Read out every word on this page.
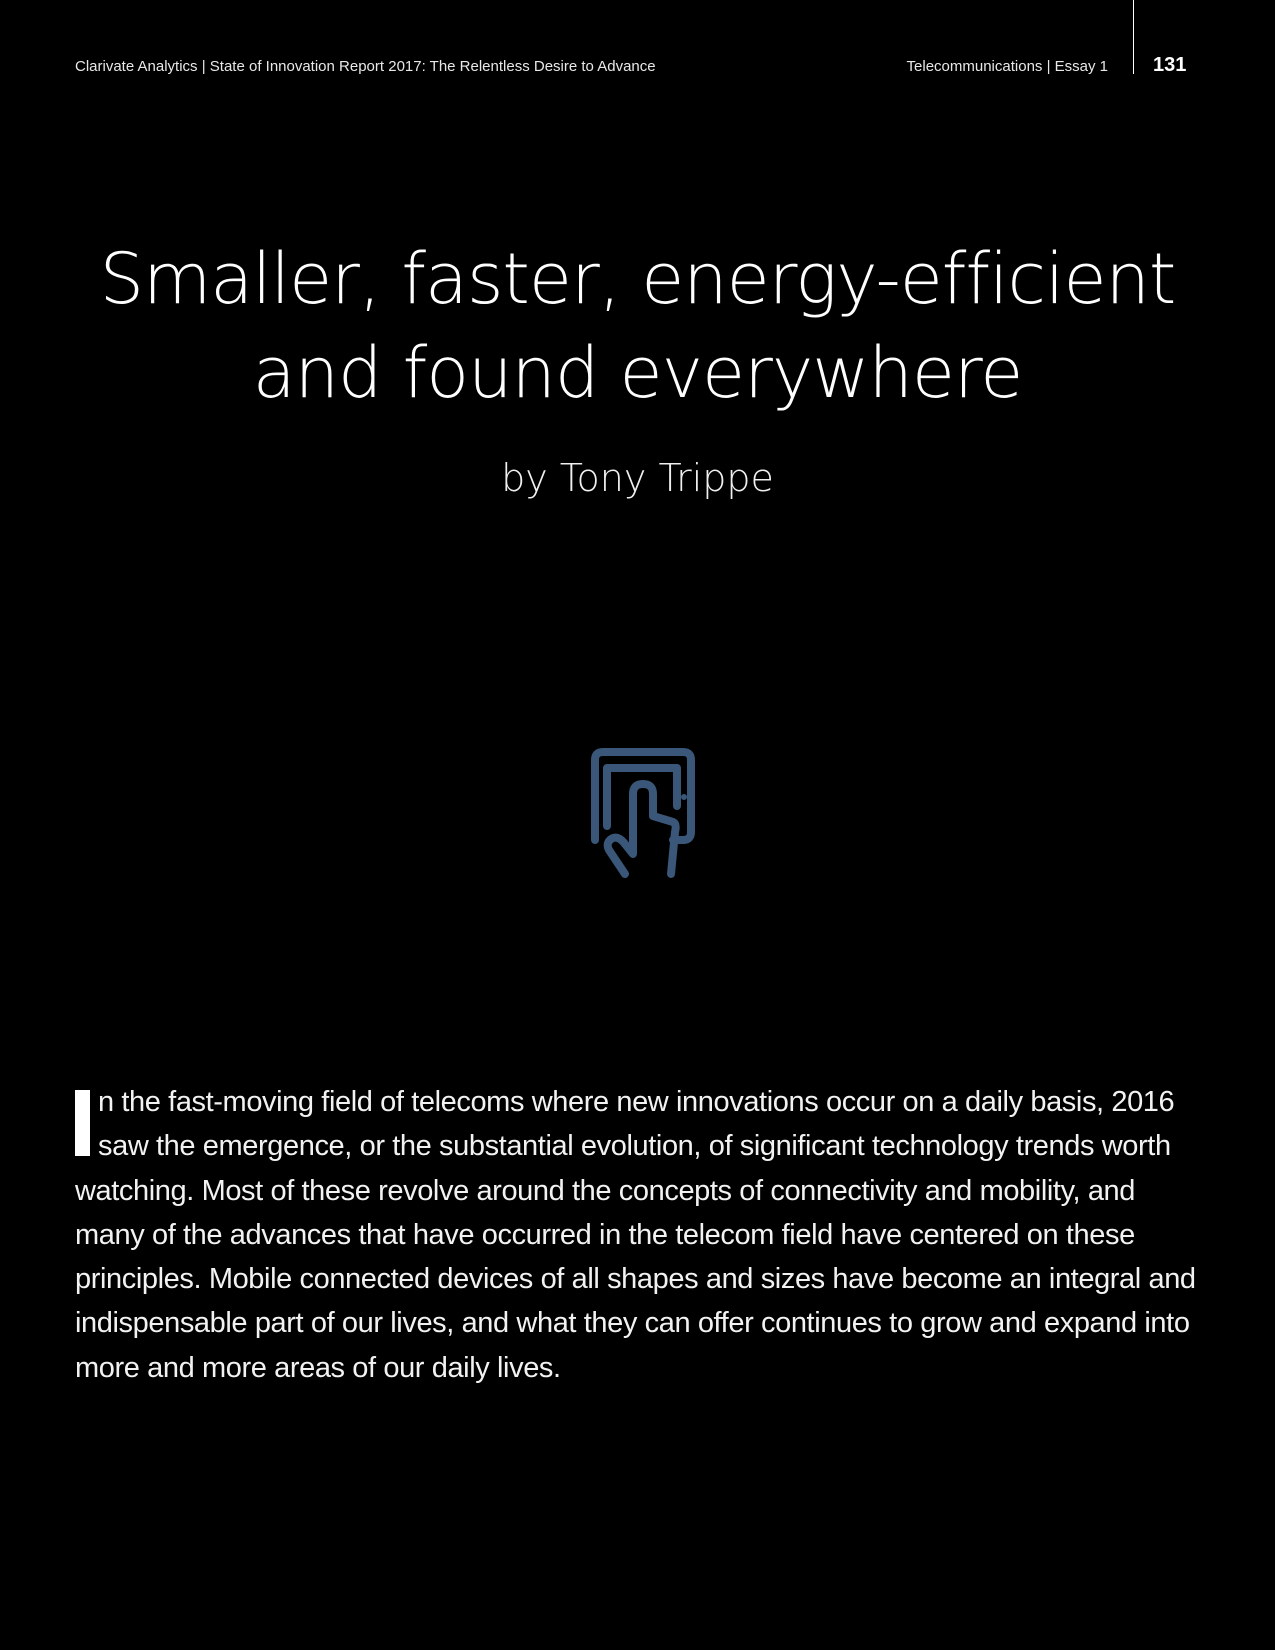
Clarivate Analytics | State of Innovation Report 2017: The Relentless Desire to Advance	Telecommunications | Essay 1 131
Smaller, faster, energy-efficient
and found everywhere
by Tony Trippe

n the fast-moving field of telecoms where new innovations occur on a daily basis, 2016 saw the emergence, or the substantial evolution, of significant technology trends worth watching. Most of these revolve around the concepts of connectivity and mobility, and many of the advances that have occurred in the telecom field have centered on these principles. Mobile connected devices of all shapes and sizes have become an integral and indispensable part of our lives, and what they can offer continues to grow and expand into more and more areas of our daily lives.
